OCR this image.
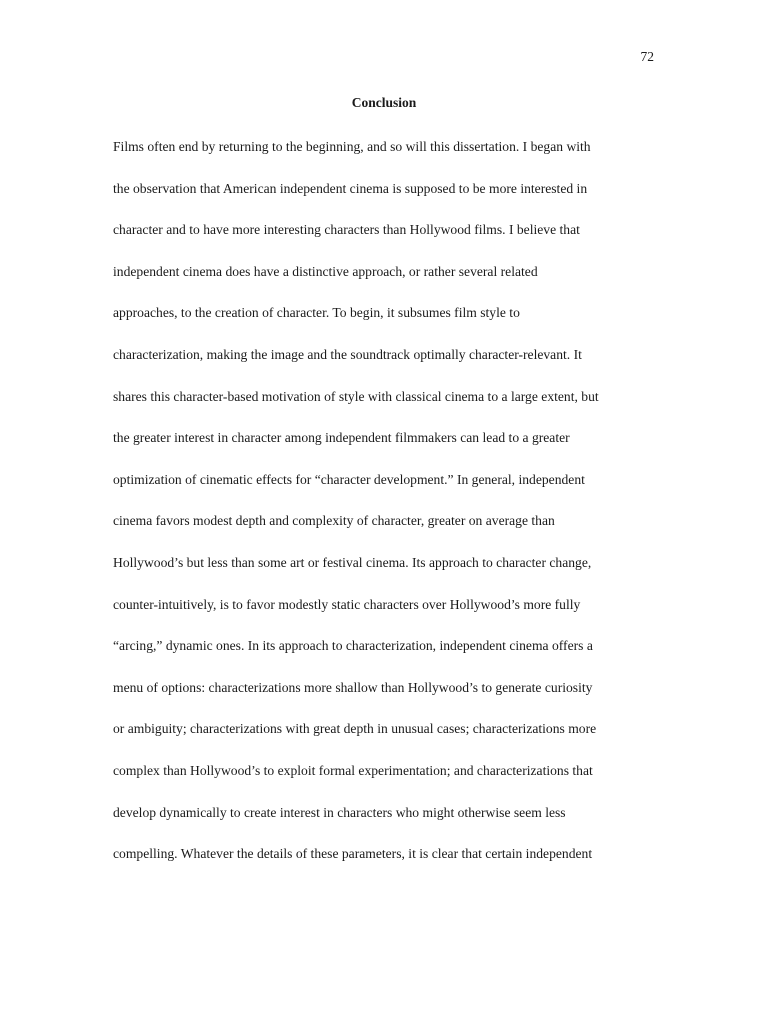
72
Conclusion
Films often end by returning to the beginning, and so will this dissertation. I began with
the observation that American independent cinema is supposed to be more interested in
character and to have more interesting characters than Hollywood films. I believe that
independent cinema does have a distinctive approach, or rather several related
approaches, to the creation of character. To begin, it subsumes film style to
characterization, making the image and the soundtrack optimally character-relevant. It
shares this character-based motivation of style with classical cinema to a large extent, but
the greater interest in character among independent filmmakers can lead to a greater
optimization of cinematic effects for “character development.” In general, independent
cinema favors modest depth and complexity of character, greater on average than
Hollywood’s but less than some art or festival cinema. Its approach to character change,
counter-intuitively, is to favor modestly static characters over Hollywood’s more fully
“arcing,” dynamic ones. In its approach to characterization, independent cinema offers a
menu of options: characterizations more shallow than Hollywood’s to generate curiosity
or ambiguity; characterizations with great depth in unusual cases; characterizations more
complex than Hollywood’s to exploit formal experimentation; and characterizations that
develop dynamically to create interest in characters who might otherwise seem less
compelling. Whatever the details of these parameters, it is clear that certain independent
